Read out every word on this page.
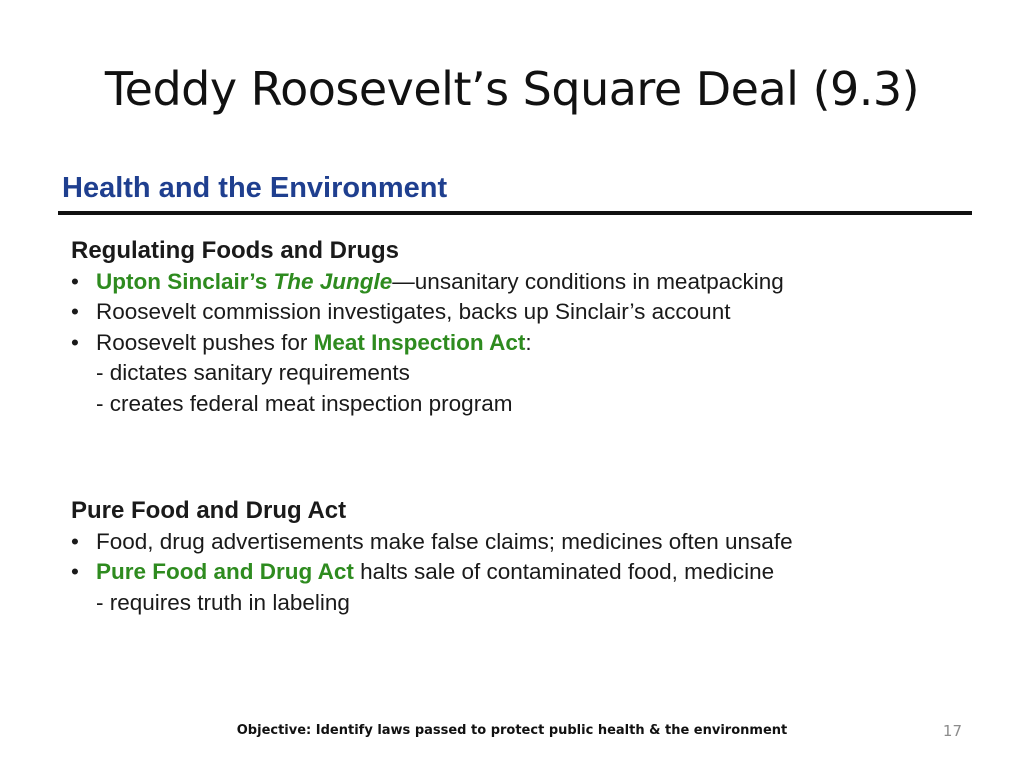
Teddy Roosevelt’s Square Deal (9.3)
Health and the Environment
Regulating Foods and Drugs
• Upton Sinclair’s The Jungle—unsanitary conditions in meatpacking
• Roosevelt commission investigates, backs up Sinclair’s account
• Roosevelt pushes for Meat Inspection Act:
- dictates sanitary requirements
- creates federal meat inspection program
Pure Food and Drug Act
• Food, drug advertisements make false claims; medicines often unsafe
• Pure Food and Drug Act halts sale of contaminated food, medicine
- requires truth in labeling
Objective: Identify laws passed to protect public health & the environment	17
